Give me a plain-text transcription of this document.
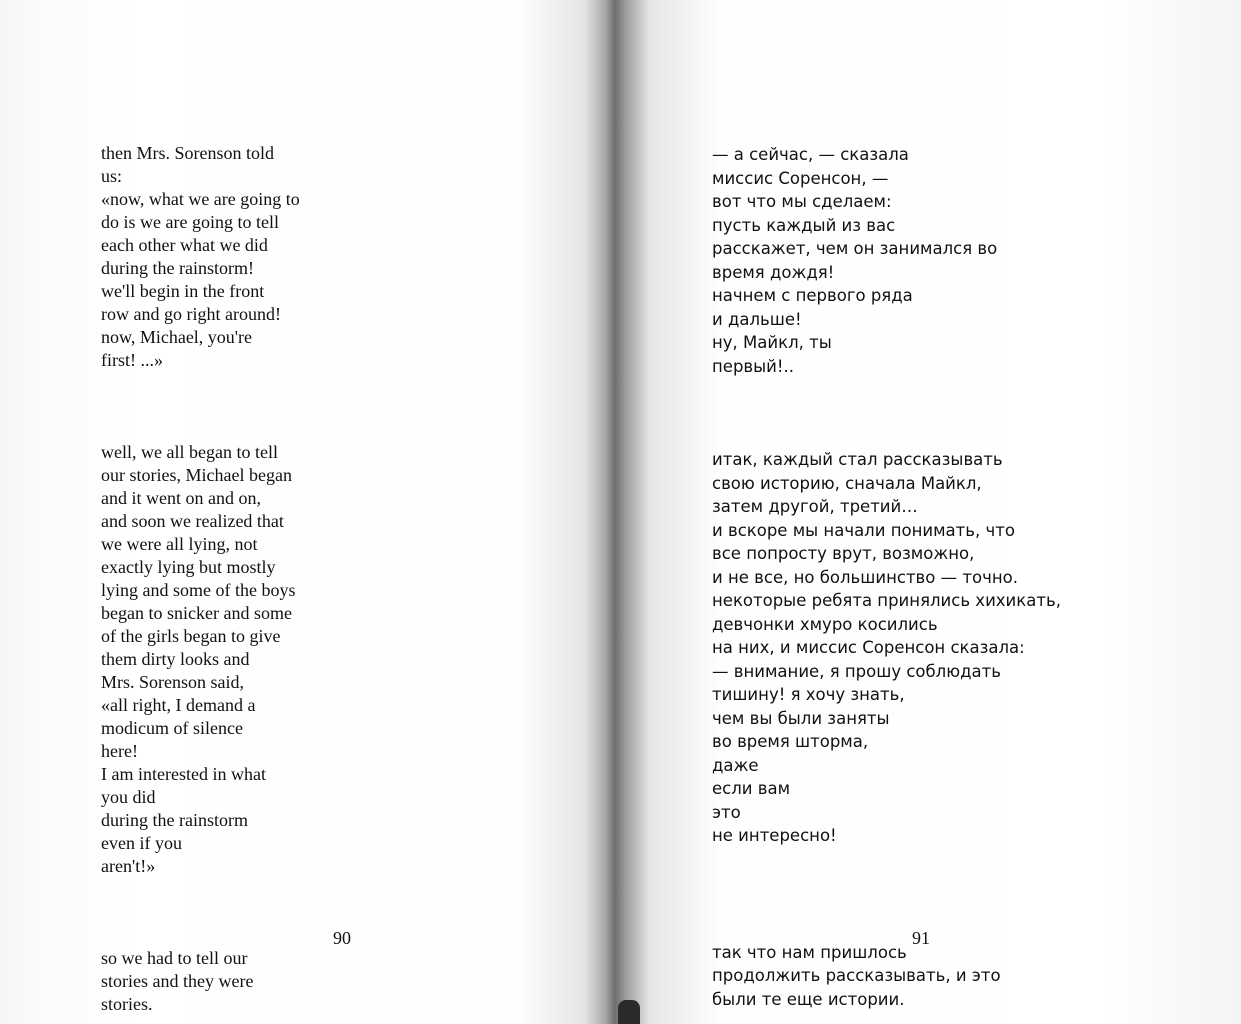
then Mrs. Sorenson told
us:
«now, what we are going to
do is we are going to tell
each other what we did
during the rainstorm!
we'll begin in the front
row and go right around!
now, Michael, you're
first! ...»

well, we all began to tell
our stories, Michael began
and it went on and on,
and soon we realized that
we were all lying, not
exactly lying but mostly
lying and some of the boys
began to snicker and some
of the girls began to give
them dirty looks and
Mrs. Sorenson said,
«all right, I demand a
modicum of silence
here!
I am interested in what
you did
during the rainstorm
even if you
aren't!»

so we had to tell our
stories and they were
stories.

90

— а сейчас, — сказала
миссис Соренсон, —
вот что мы сделаем:
пусть каждый из вас
расскажет, чем он занимался во
время дождя!
начнем с первого ряда
и дальше!
ну, Майкл, ты
первый!..

итак, каждый стал рассказывать
свою историю, сначала Майкл,
затем другой, третий…
и вскоре мы начали понимать, что
все попросту врут, возможно,
и не все, но большинство — точно.
некоторые ребята принялись хихикать,
девчонки хмуро косились
на них, и миссис Соренсон сказала:
— внимание, я прошу соблюдать
тишину! я хочу знать,
чем вы были заняты
во время шторма,
даже
если вам
это
не интересно!

так что нам пришлось
продолжить рассказывать, и это
были те еще истории.

91
